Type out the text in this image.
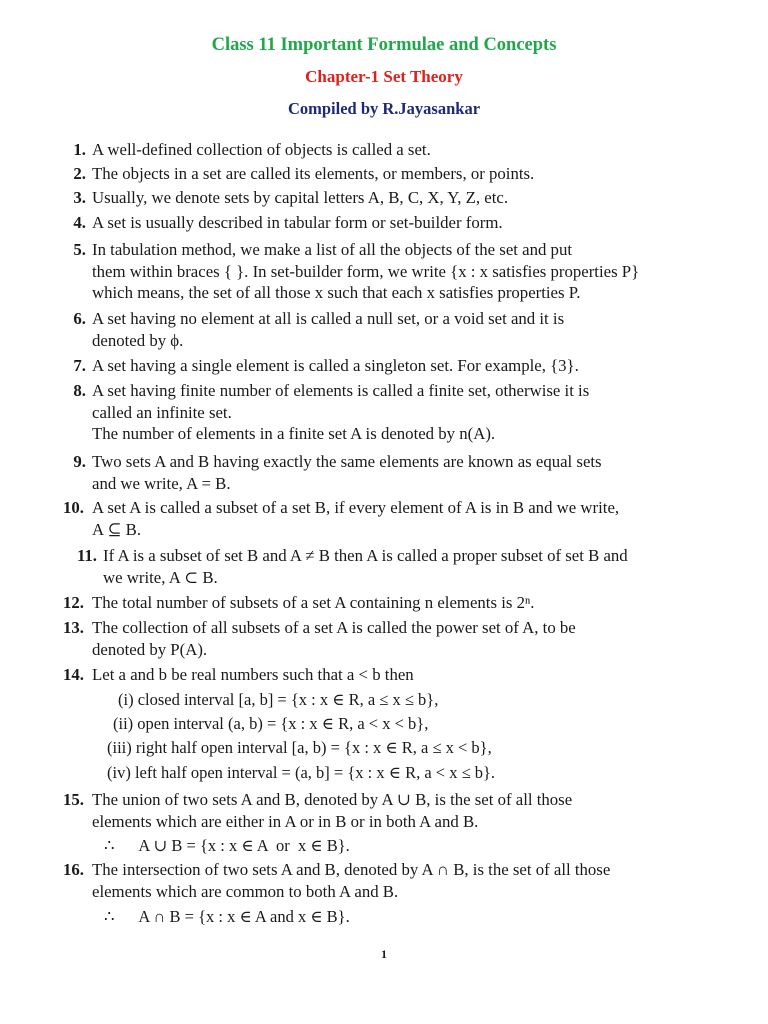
Class 11 Important Formulae and Concepts
Chapter-1 Set Theory
Compiled by R.Jayasankar
1. A well-defined collection of objects is called a set.
2. The objects in a set are called its elements, or members, or points.
3. Usually, we denote sets by capital letters A, B, C, X, Y, Z, etc.
4. A set is usually described in tabular form or set-builder form.
5. In tabulation method, we make a list of all the objects of the set and put
them within braces { }. In set-builder form, we write {x : x satisfies properties P}
which means, the set of all those x such that each x satisfies properties P.
6. A set having no element at all is called a null set, or a void set and it is
denoted by ϕ.
7. A set having a single element is called a singleton set. For example, {3}.
8. A set having finite number of elements is called a finite set, otherwise it is
called an infinite set.
The number of elements in a finite set A is denoted by n(A).
9. Two sets A and B having exactly the same elements are known as equal sets
and we write, A = B.
10. A set A is called a subset of a set B, if every element of A is in B and we write,
A ⊆ B.
11. If A is a subset of set B and A ≠ B then A is called a proper subset of set B and
we write, A ⊂ B.
12. The total number of subsets of a set A containing n elements is 2ⁿ.
13. The collection of all subsets of a set A is called the power set of A, to be
denoted by P(A).
14. Let a and b be real numbers such that a < b then
(i) closed interval [a, b] = {x : x ∈ R, a ≤ x ≤ b},
(ii) open interval (a, b) = {x : x ∈ R, a < x < b},
(iii) right half open interval [a, b) = {x : x ∈ R, a ≤ x < b},
(iv) left half open interval = (a, b] = {x : x ∈ R, a < x ≤ b}.
15. The union of two sets A and B, denoted by A ∪ B, is the set of all those
elements which are either in A or in B or in both A and B.
∴      A ∪ B = {x : x ∈ A  or  x ∈ B}.
16. The intersection of two sets A and B, denoted by A ∩ B, is the set of all those
elements which are common to both A and B.
∴      A ∩ B = {x : x ∈ A and x ∈ B}.
1
